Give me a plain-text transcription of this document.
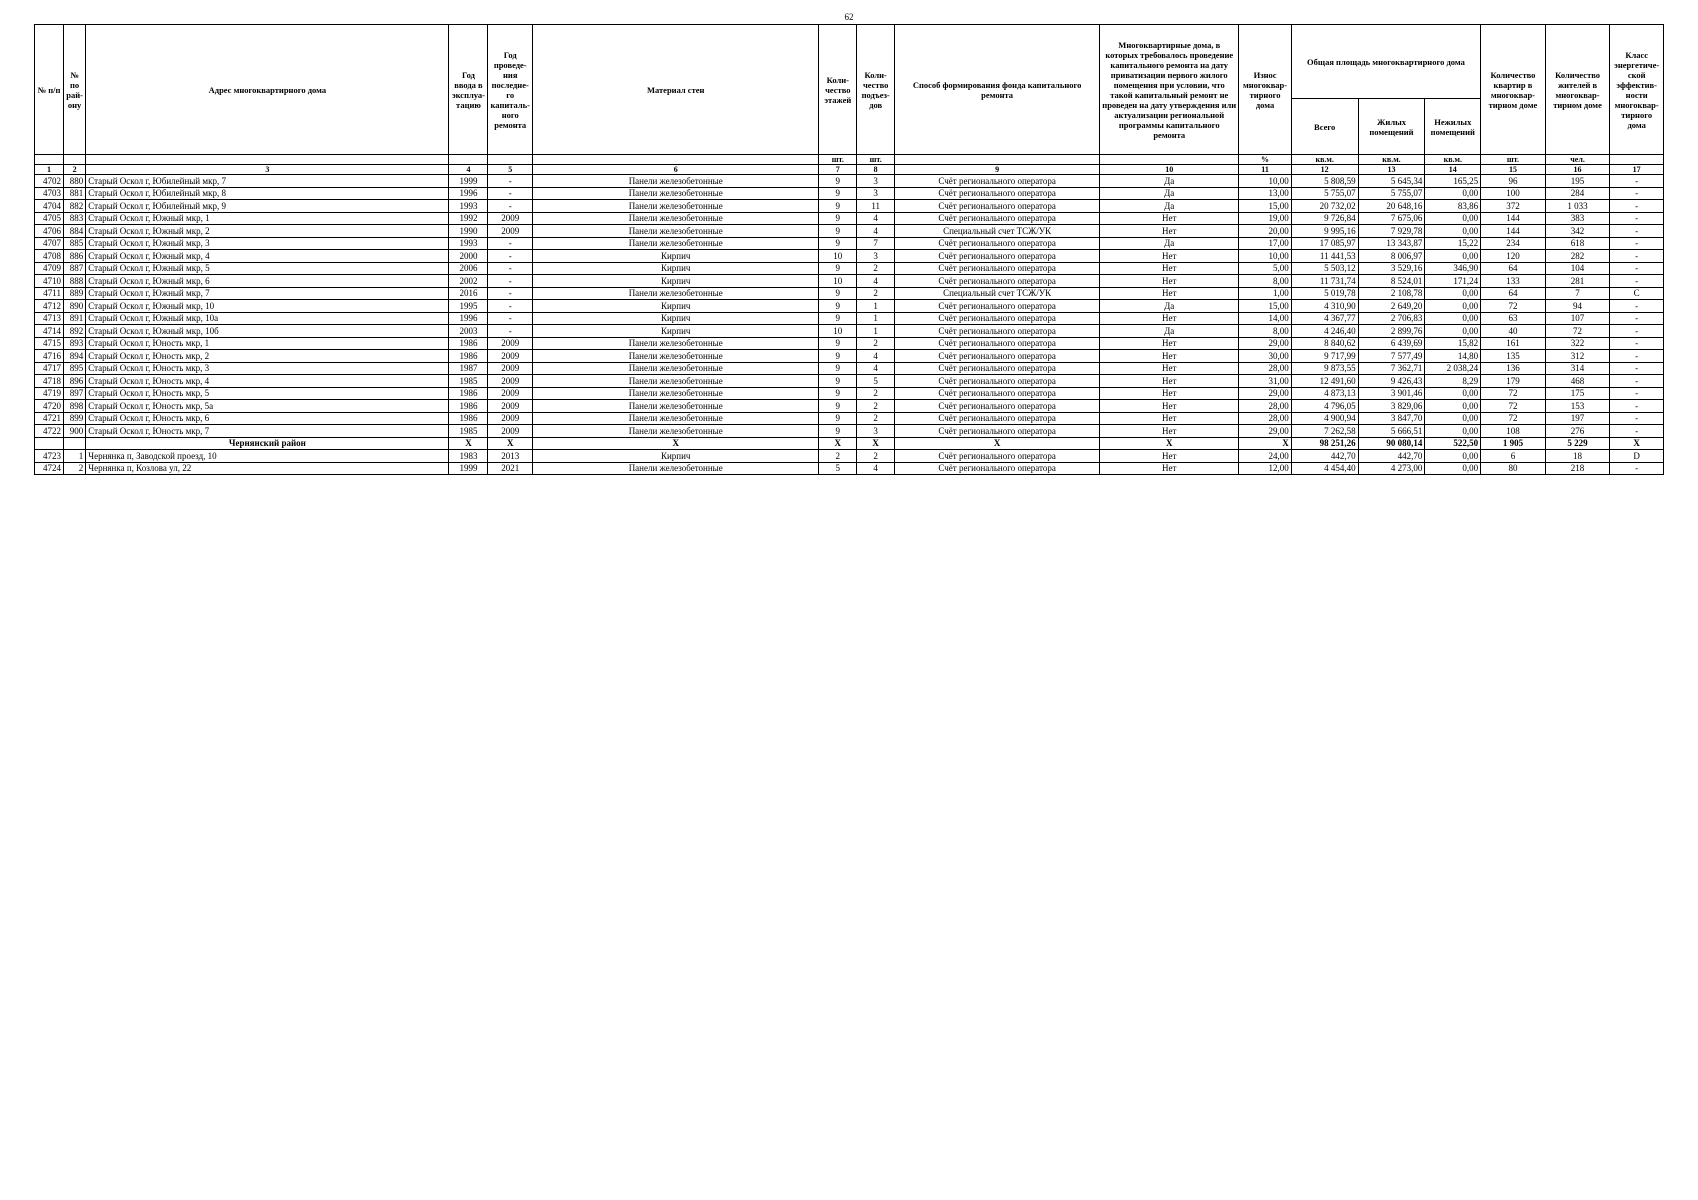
62
№ п/п	№ по рай-ону	Адрес многоквартирного дома	Год ввода в эксплуа-тацию	Год проведе-ния последне-го капиталь-ного ремонта	Материал стен	Коли-чество этажей	Коли-чество подъез-дов	Способ формирования фонда капитального ремонта	Многоквартирные дома, в которых требовалось проведение капитального ремонта на дату приватизации первого жилого помещения при условии, что такой капитальный ремонт не проведен на дату утверждения или актуализации региональной программы капитального ремонта	Износ многоквар-тирного дома	Общая площадь многоквартирного дома			Количество квартир в многоквар-тирном доме	Количество жителей в многоквар-тирном доме	Класс энергетиче-ской эффектив-ности многоквар-тирного дома
											Всего	Жилых помещений	Нежилых помещений			
						шт.	шт.			%	кв.м.	кв.м.	кв.м.	шт.	чел.	
1	2	3	4	5	6	7	8	9	10	11	12	13	14	15	16	17
4702	880	Старый Оскол г, Юбилейный мкр, 7	1999	-	Панели железобетонные	9	3	Счёт регионального оператора	Да	10,00	5 808,59	5 645,34	165,25	96	195	-
4703	881	Старый Оскол г, Юбилейный мкр, 8	1996	-	Панели железобетонные	9	3	Счёт регионального оператора	Да	13,00	5 755,07	5 755,07	0,00	100	284	-
4704	882	Старый Оскол г, Юбилейный мкр, 9	1993	-	Панели железобетонные	9	11	Счёт регионального оператора	Да	15,00	20 732,02	20 648,16	83,86	372	1 033	-
4705	883	Старый Оскол г, Южный мкр, 1	1992	2009	Панели железобетонные	9	4	Счёт регионального оператора	Нет	19,00	9 726,84	7 675,06	0,00	144	383	-
4706	884	Старый Оскол г, Южный мкр, 2	1990	2009	Панели железобетонные	9	4	Специальный счет ТСЖ/УК	Нет	20,00	9 995,16	7 929,78	0,00	144	342	-
4707	885	Старый Оскол г, Южный мкр, 3	1993	-	Панели железобетонные	9	7	Счёт регионального оператора	Да	17,00	17 085,97	13 343,87	15,22	234	618	-
4708	886	Старый Оскол г, Южный мкр, 4	2000	-	Кирпич	10	3	Счёт регионального оператора	Нет	10,00	11 441,53	8 006,97	0,00	120	282	-
4709	887	Старый Оскол г, Южный мкр, 5	2006	-	Кирпич	9	2	Счёт регионального оператора	Нет	5,00	5 503,12	3 529,16	346,90	64	104	-
4710	888	Старый Оскол г, Южный мкр, 6	2002	-	Кирпич	10	4	Счёт регионального оператора	Нет	8,00	11 731,74	8 524,01	171,24	133	281	-
4711	889	Старый Оскол г, Южный мкр, 7	2016	-	Панели железобетонные	9	2	Специальный счет ТСЖ/УК	Нет	1,00	5 019,78	2 108,78	0,00	64	7	С
4712	890	Старый Оскол г, Южный мкр, 10	1995	-	Кирпич	9	1	Счёт регионального оператора	Да	15,00	4 310,90	2 649,20	0,00	72	94	-
4713	891	Старый Оскол г, Южный мкр, 10а	1996	-	Кирпич	9	1	Счёт регионального оператора	Нет	14,00	4 367,77	2 706,83	0,00	63	107	-
4714	892	Старый Оскол г, Южный мкр, 10б	2003	-	Кирпич	10	1	Счёт регионального оператора	Да	8,00	4 246,40	2 899,76	0,00	40	72	-
4715	893	Старый Оскол г, Юность мкр, 1	1986	2009	Панели железобетонные	9	2	Счёт регионального оператора	Нет	29,00	8 840,62	6 439,69	15,82	161	322	-
4716	894	Старый Оскол г, Юность мкр, 2	1986	2009	Панели железобетонные	9	4	Счёт регионального оператора	Нет	30,00	9 717,99	7 577,49	14,80	135	312	-
4717	895	Старый Оскол г, Юность мкр, 3	1987	2009	Панели железобетонные	9	4	Счёт регионального оператора	Нет	28,00	9 873,55	7 362,71	2 038,24	136	314	-
4718	896	Старый Оскол г, Юность мкр, 4	1985	2009	Панели железобетонные	9	5	Счёт регионального оператора	Нет	31,00	12 491,60	9 426,43	8,29	179	468	-
4719	897	Старый Оскол г, Юность мкр, 5	1986	2009	Панели железобетонные	9	2	Счёт регионального оператора	Нет	29,00	4 873,13	3 901,46	0,00	72	175	-
4720	898	Старый Оскол г, Юность мкр, 5а	1986	2009	Панели железобетонные	9	2	Счёт регионального оператора	Нет	28,00	4 796,05	3 829,06	0,00	72	153	-
4721	899	Старый Оскол г, Юность мкр, 6	1986	2009	Панели железобетонные	9	2	Счёт регионального оператора	Нет	28,00	4 900,94	3 847,70	0,00	72	197	-
4722	900	Старый Оскол г, Юность мкр, 7	1985	2009	Панели железобетонные	9	3	Счёт регионального оператора	Нет	29,00	7 262,58	5 666,51	0,00	108	276	-
		Чернянский район	X	X	X	X	X	X	X	X	98 251,26	90 080,14	522,50	1 905	5 229	X
4723	1	Чернянка п, Заводской проезд, 10	1983	2013	Кирпич	2	2	Счёт регионального оператора	Нет	24,00	442,70	442,70	0,00	6	18	D
4724	2	Чернянка п, Козлова ул, 22	1999	2021	Панели железобетонные	5	4	Счёт регионального оператора	Нет	12,00	4 454,40	4 273,00	0,00	80	218	-
